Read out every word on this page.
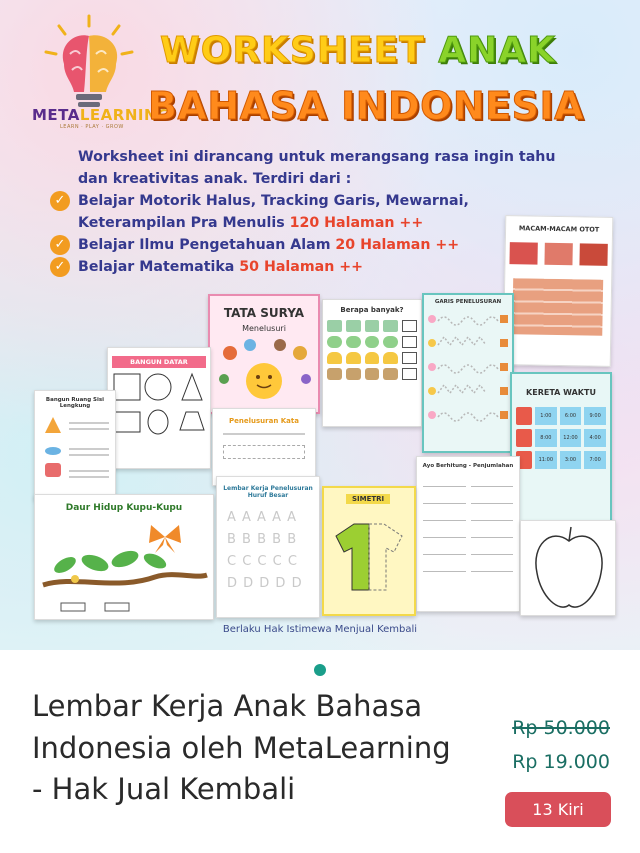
METALEARNING
LEARN · PLAY · GROW
WORKSHEET ANAK
BAHASA INDONESIA

Worksheet ini dirancang untuk merangsang rasa ingin tahu

dan kreativitas anak. Terdiri dari :

✓ Belajar Motorik Halus, Tracking Garis, Mewarnai,

Keterampilan Pra Menulis 120 Halaman ++

✓ Belajar Ilmu Pengetahuan Alam 20 Halaman ++

✓ Belajar Matematika 50 Halaman ++

MACAM-MACAM OTOT
Berapa banyak?
GARIS PENELUSURAN
TATA SURYA
Menelusuri
BANGUN DATAR
Bangun Ruang Sisi Lengkung
KERETA WAKTU
1:00	6:00	9:00
8:00	12:00	4:00
11:00	3:00	7:00
Penelusuran Kata
Ayo Berhitung - Penjumlahan
Daur Hidup Kupu-Kupu
Lembar Kerja Penelusuran Huruf Besar
A A A A A
B B B B B
C C C C C
D D D D D
SIMETRI
Berlaku Hak Istimewa Menjual Kembali
Lembar Kerja Anak Bahasa Indonesia oleh MetaLearning - Hak Jual Kembali
Rp 50.000
Rp 19.000
13 Kiri
